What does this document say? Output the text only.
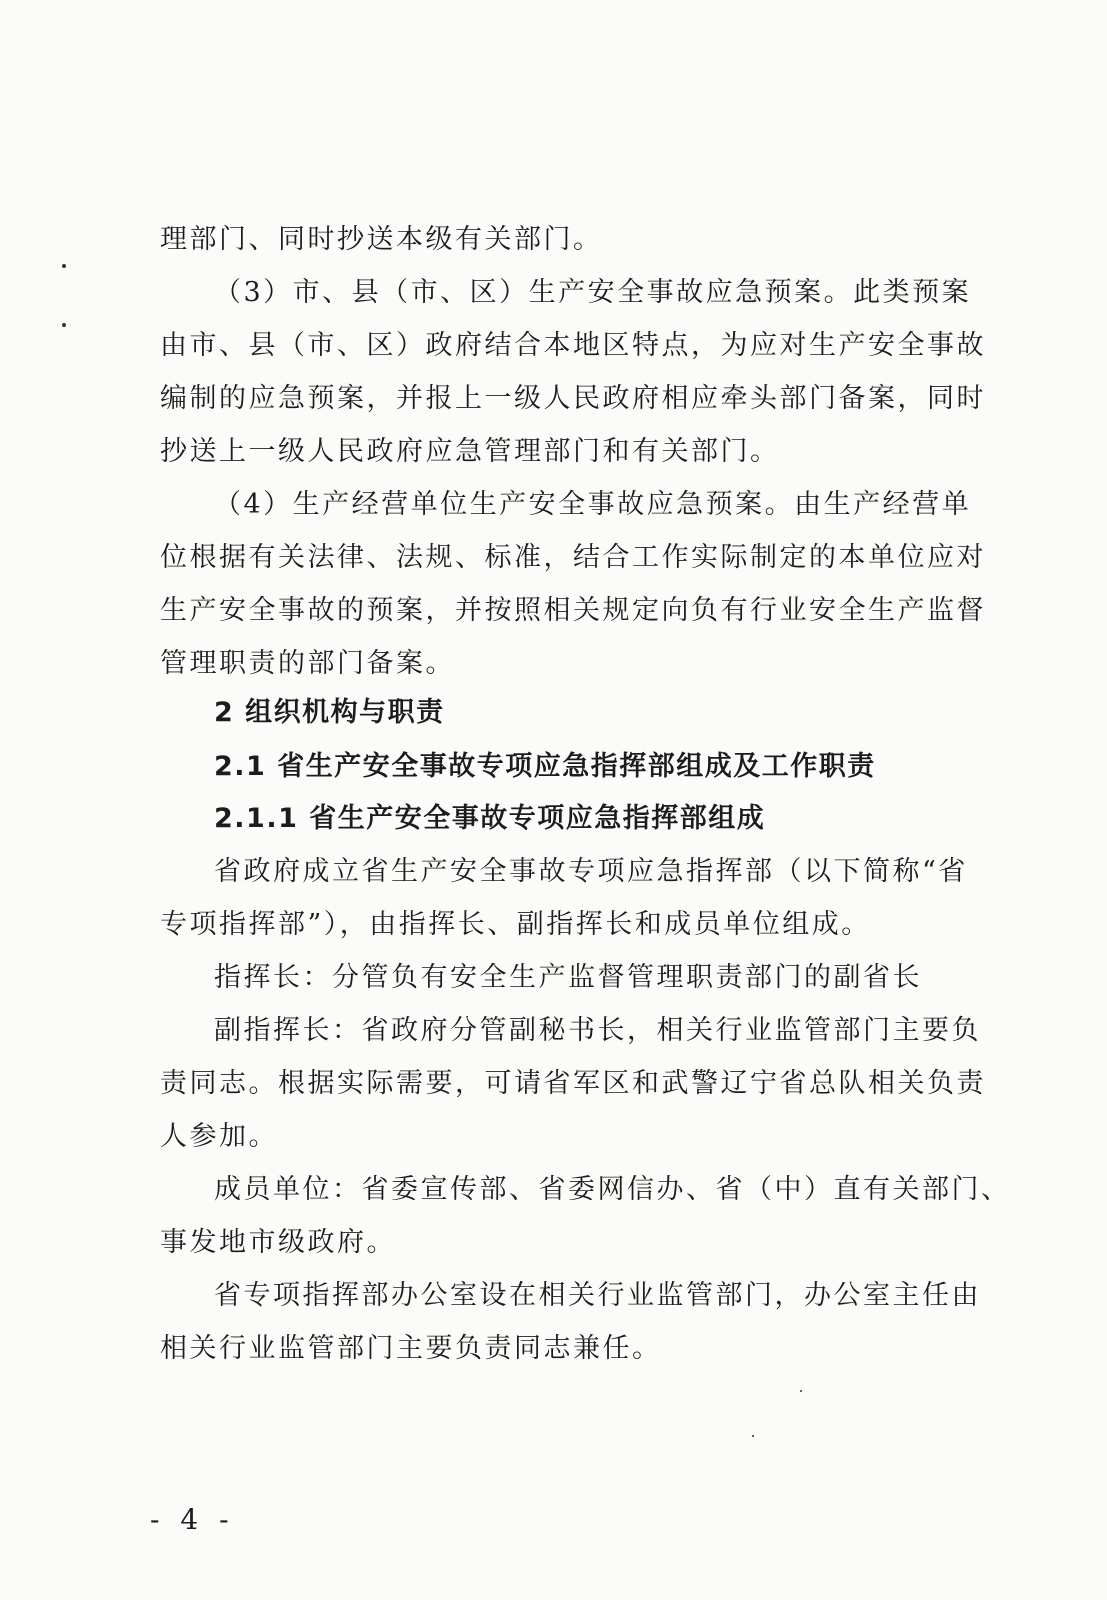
理部门、同时抄送本级有关部门。
（3）市、县（市、区）生产安全事故应急预案。此类预案
由市、县（市、区）政府结合本地区特点，为应对生产安全事故
编制的应急预案，并报上一级人民政府相应牵头部门备案，同时
抄送上一级人民政府应急管理部门和有关部门。
（4）生产经营单位生产安全事故应急预案。由生产经营单
位根据有关法律、法规、标准，结合工作实际制定的本单位应对
生产安全事故的预案，并按照相关规定向负有行业安全生产监督
管理职责的部门备案。
2 组织机构与职责
2.1 省生产安全事故专项应急指挥部组成及工作职责
2.1.1 省生产安全事故专项应急指挥部组成
省政府成立省生产安全事故专项应急指挥部（以下简称“省
专项指挥部”），由指挥长、副指挥长和成员单位组成。
指挥长：分管负有安全生产监督管理职责部门的副省长
副指挥长：省政府分管副秘书长，相关行业监管部门主要负
责同志。根据实际需要，可请省军区和武警辽宁省总队相关负责
人参加。
成员单位：省委宣传部、省委网信办、省（中）直有关部门、
事发地市级政府。
省专项指挥部办公室设在相关行业监管部门，办公室主任由
相关行业监管部门主要负责同志兼任。
- 4 -
